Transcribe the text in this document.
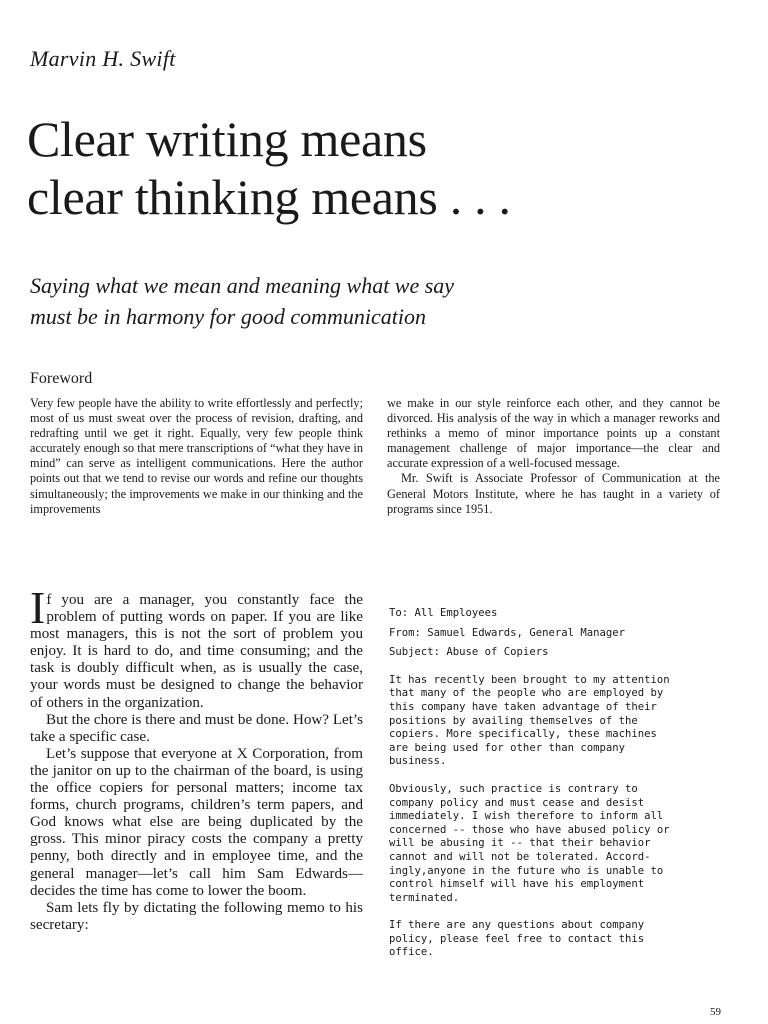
Marvin H. Swift
Clear writing means
clear thinking means . . .
Saying what we mean and meaning what we say
must be in harmony for good communication
Foreword

Very few people have the ability to write effortlessly and perfectly; most of us must sweat over the process of revision, drafting, and redrafting until we get it right. Equally, very few people think accurately enough so that mere transcriptions of “what they have in mind” can serve as intelligent communications. Here the author points out that we tend to revise our words and refine our thoughts simultaneously; the improvements we make in our thinking and the improvements

we make in our style reinforce each other, and they cannot be divorced. His analysis of the way in which a manager reworks and rethinks a memo of minor importance points up a constant management challenge of major importance—the clear and accurate expression of a well-focused message.

Mr. Swift is Associate Professor of Communication at the General Motors Institute, where he has taught in a variety of programs since 1951.

If you are a manager, you constantly face the problem of putting words on paper. If you are like most managers, this is not the sort of problem you enjoy. It is hard to do, and time consuming; and the task is doubly difficult when, as is usually the case, your words must be designed to change the behavior of others in the organization.

But the chore is there and must be done. How? Let’s take a specific case.

Let’s suppose that everyone at X Corporation, from the janitor on up to the chairman of the board, is using the office copiers for personal matters; income tax forms, church programs, children’s term papers, and God knows what else are being duplicated by the gross. This minor piracy costs the company a pretty penny, both directly and in employee time, and the general manager—let’s call him Sam Edwards—decides the time has come to lower the boom.

Sam lets fly by dictating the following memo to his secretary:

To: All Employees
From: Samuel Edwards, General Manager
Subject: Abuse of Copiers
It has recently been brought to my attention
that many of the people who are employed by
this company have taken advantage of their
positions by availing themselves of the
copiers. More specifically, these machines
are being used for other than company
business.
Obviously, such practice is contrary to
company policy and must cease and desist
immediately. I wish therefore to inform all
concerned -- those who have abused policy or
will be abusing it -- that their behavior
cannot and will not be tolerated. Accord-
ingly,anyone in the future who is unable to
control himself will have his employment
terminated.
If there are any questions about company
policy, please feel free to contact this
office.
59
